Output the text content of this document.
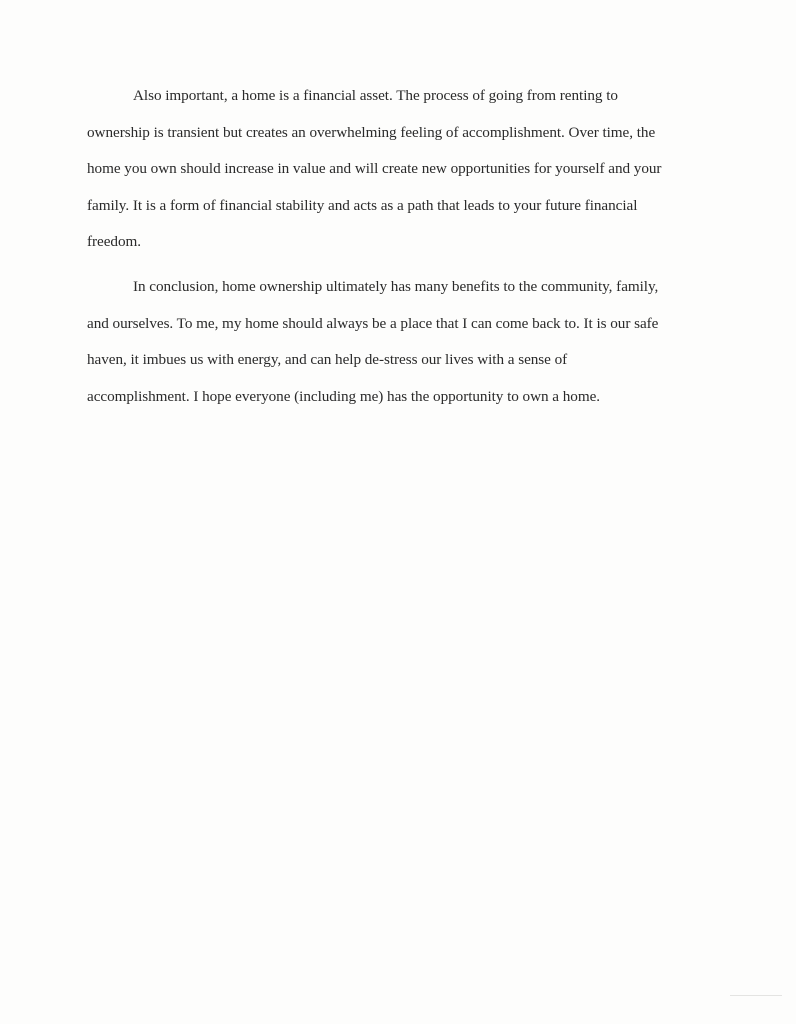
Also important, a home is a financial asset. The process of going from renting to
ownership is transient but creates an overwhelming feeling of accomplishment. Over time, the
home you own should increase in value and will create new opportunities for yourself and your
family. It is a form of financial stability and acts as a path that leads to your future financial
freedom.

In conclusion, home ownership ultimately has many benefits to the community, family,
and ourselves. To me, my home should always be a place that I can come back to. It is our safe
haven, it imbues us with energy, and can help de-stress our lives with a sense of
accomplishment. I hope everyone (including me) has the opportunity to own a home.
